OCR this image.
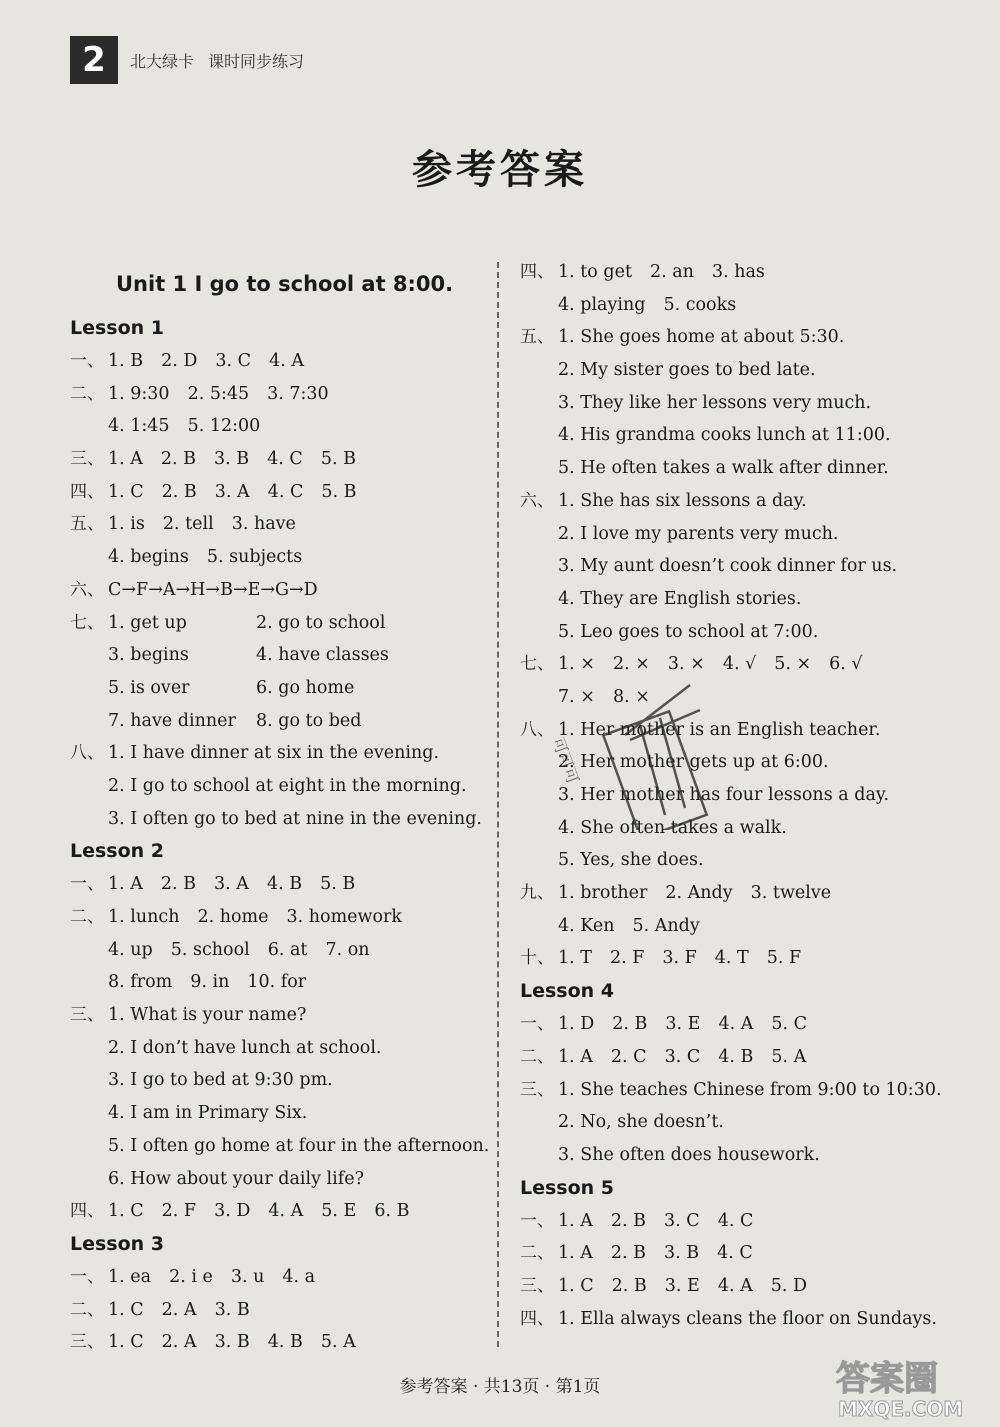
2	北大绿卡 课时同步练习
参考答案
Unit 1 I go to school at 8:00.
Lesson 1
一、 1. B 2. D 3. C 4. A
二、 1. 9:30 2. 5:45 3. 7:30
4. 1:45 5. 12:00
三、 1. A 2. B 3. B 4. C 5. B
四、 1. C 2. B 3. A 4. C 5. B
五、 1. is 2. tell 3. have
4. begins 5. subjects
六、 C→F→A→H→B→E→G→D
七、 1. get up	2. go to school
3. begins	4. have classes
5. is over	6. go home
7. have dinner 8. go to bed
八、 1. I have dinner at six in the evening.
2. I go to school at eight in the morning.
3. I often go to bed at nine in the evening.
Lesson 2
一、 1. A 2. B 3. A 4. B 5. B
二、 1. lunch 2. home 3. homework
4. up 5. school 6. at 7. on
8. from 9. in 10. for
三、 1. What is your name?
2. I don’t have lunch at school.
3. I go to bed at 9:30 pm.
4. I am in Primary Six.
5. I often go home at four in the afternoon.
6. How about your daily life?
四、 1. C 2. F 3. D 4. A 5. E 6. B
Lesson 3
一、 1. ea 2. i e 3. u 4. a
二、 1. C 2. A 3. B
三、 1. C 2. A 3. B 4. B 5. A
四、 1. to get 2. an 3. has
4. playing 5. cooks
五、 1. She goes home at about 5:30.
2. My sister goes to bed late.
3. They like her lessons very much.
4. His grandma cooks lunch at 11:00.
5. He often takes a walk after dinner.
六、 1. She has six lessons a day.
2. I love my parents very much.
3. My aunt doesn’t cook dinner for us.
4. They are English stories.
5. Leo goes to school at 7:00.
七、 1. × 2. × 3. × 4. √ 5. × 6. √
7. × 8. ×
八、 1. Her mother is an English teacher.
2. Her mother gets up at 6:00.
3. Her mother has four lessons a day.
4. She often takes a walk.
5. Yes, she does.
九、 1. brother 2. Andy 3. twelve
4. Ken 5. Andy
十、 1. T 2. F 3. F 4. T 5. F
Lesson 4
一、 1. D 2. B 3. E 4. A 5. C
二、 1. A 2. C 3. C 4. B 5. A
三、 1. She teaches Chinese from 9:00 to 10:30.
2. No, she doesn’t.
3. She often does housework.
Lesson 5
一、 1. A 2. B 3. C 4. C
二、 1. A 2. B 3. B 4. C
三、 1. C 2. B 3. E 4. A 5. D
四、 1. Ella always cleans the floor on Sundays.
可可可
参考答案 · 共13页 · 第1页	答案圈
MXQE.COM
